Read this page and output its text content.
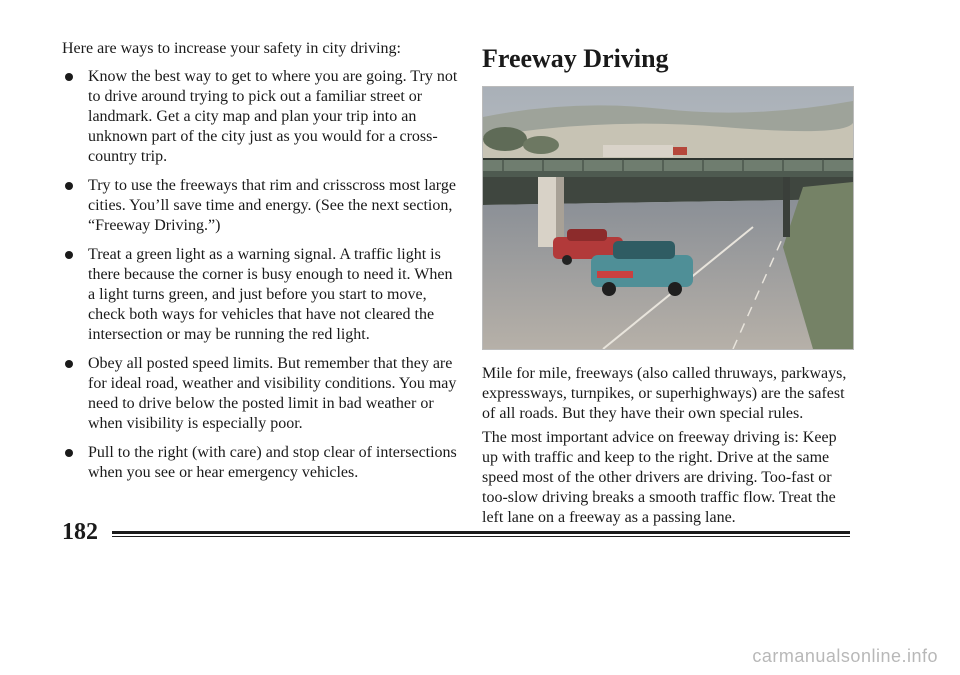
Here are ways to increase your safety in city driving:

Know the best way to get to where you are going. Try not to drive around trying to pick out a familiar street or landmark. Get a city map and plan your trip into an unknown part of the city just as you would for a cross-country trip.
Try to use the freeways that rim and crisscross most large cities. You’ll save time and energy. (See the next section, “Freeway Driving.”)
Treat a green light as a warning signal. A traffic light is there because the corner is busy enough to need it. When a light turns green, and just before you start to move, check both ways for vehicles that have not cleared the intersection or may be running the red light.
Obey all posted speed limits. But remember that they are for ideal road, weather and visibility conditions. You may need to drive below the posted limit in bad weather or when visibility is especially poor.
Pull to the right (with care) and stop clear of intersections when you see or hear emergency vehicles.
Freeway Driving

Mile for mile, freeways (also called thruways, parkways, expressways, turnpikes, or superhighways) are the safest of all roads. But they have their own special rules.

The most important advice on freeway driving is: Keep up with traffic and keep to the right. Drive at the same speed most of the other drivers are driving. Too-fast or too-slow driving breaks a smooth traffic flow. Treat the left lane on a freeway as a passing lane.

182
carmanualsonline.info
